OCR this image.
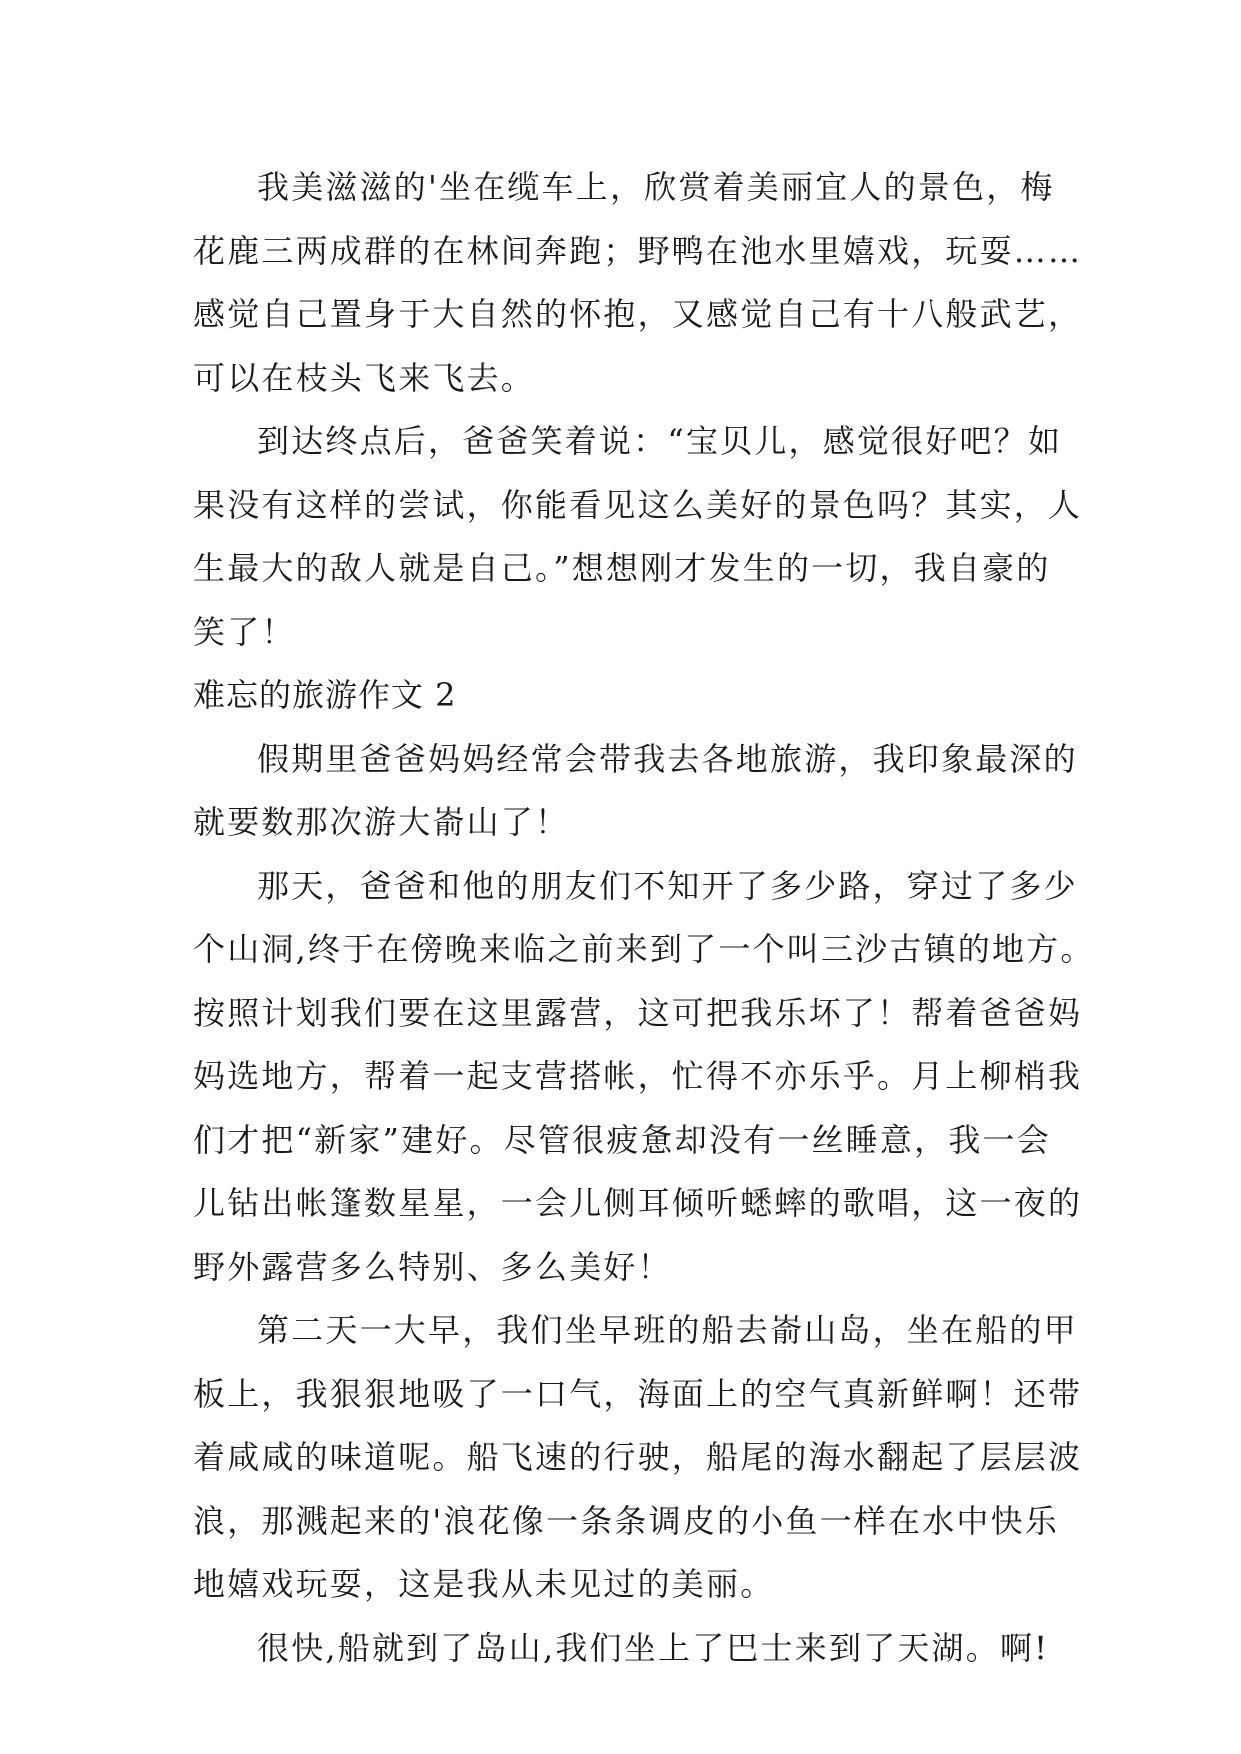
我美滋滋的'坐在缆车上，欣赏着美丽宜人的景色，梅
花鹿三两成群的在林间奔跑；野鸭在池水里嬉戏，玩耍……
感觉自己置身于大自然的怀抱，又感觉自己有十八般武艺，
可以在枝头飞来飞去。
到达终点后，爸爸笑着说：“宝贝儿，感觉很好吧？如
果没有这样的尝试，你能看见这么美好的景色吗？其实，人
生最大的敌人就是自己。”想想刚才发生的一切，我自豪的
笑了！
难忘的旅游作文 2
假期里爸爸妈妈经常会带我去各地旅游，我印象最深的
就要数那次游大嵛山了！
那天，爸爸和他的朋友们不知开了多少路，穿过了多少
个山洞,终于在傍晚来临之前来到了一个叫三沙古镇的地方。
按照计划我们要在这里露营，这可把我乐坏了！帮着爸爸妈
妈选地方，帮着一起支营搭帐，忙得不亦乐乎。月上柳梢我
们才把“新家”建好。尽管很疲惫却没有一丝睡意，我一会
儿钻出帐篷数星星，一会儿侧耳倾听蟋蟀的歌唱，这一夜的
野外露营多么特别、多么美好！
第二天一大早，我们坐早班的船去嵛山岛，坐在船的甲
板上，我狠狠地吸了一口气，海面上的空气真新鲜啊！还带
着咸咸的味道呢。船飞速的行驶，船尾的海水翻起了层层波
浪，那溅起来的'浪花像一条条调皮的小鱼一样在水中快乐
地嬉戏玩耍，这是我从未见过的美丽。
很快,船就到了岛山,我们坐上了巴士来到了天湖。啊!
